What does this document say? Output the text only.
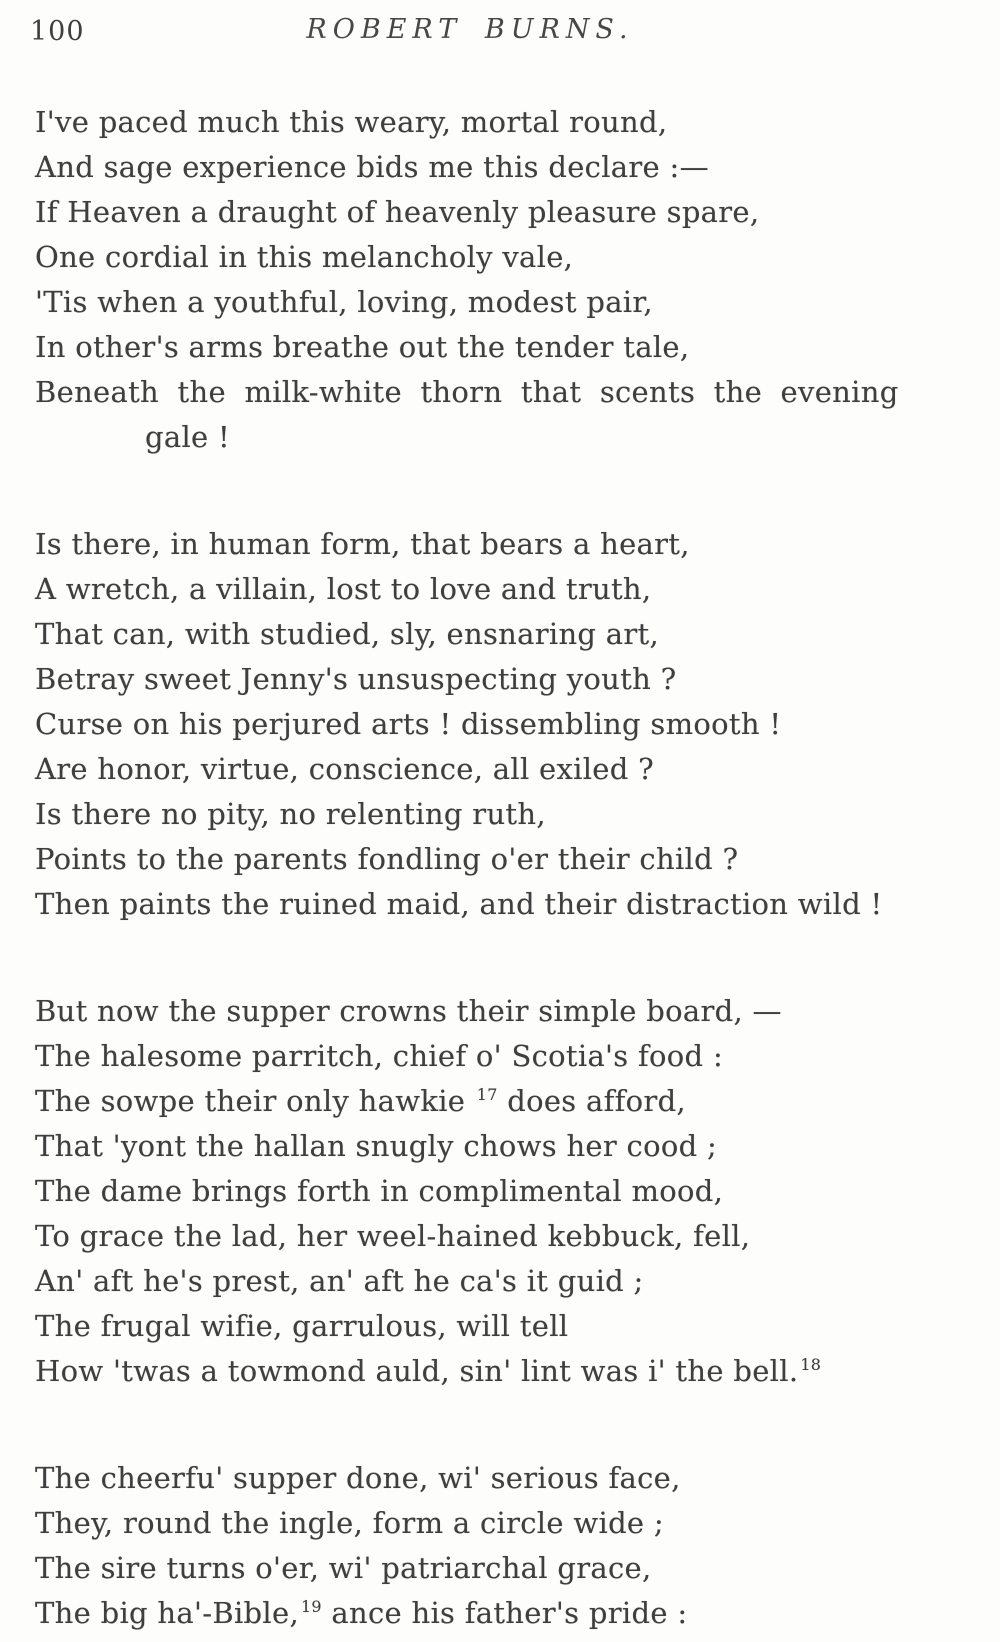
100	ROBERT BURNS.
I've paced much this weary, mortal round,
And sage experience bids me this declare :—
If Heaven a draught of heavenly pleasure spare,
One cordial in this melancholy vale,
'Tis when a youthful, loving, modest pair,
In other's arms breathe out the tender tale,
Beneath the milk-white thorn that scents the evening
gale !
Is there, in human form, that bears a heart,
A wretch, a villain, lost to love and truth,
That can, with studied, sly, ensnaring art,
Betray sweet Jenny's unsuspecting youth ?
Curse on his perjured arts ! dissembling smooth !
Are honor, virtue, conscience, all exiled ?
Is there no pity, no relenting ruth,
Points to the parents fondling o'er their child ?
Then paints the ruined maid, and their distraction wild !
But now the supper crowns their simple board, —
The halesome parritch, chief o' Scotia's food :
The sowpe their only hawkie $^{17}$ does afford,
That 'yont the hallan snugly chows her cood ;
The dame brings forth in complimental mood,
To grace the lad, her weel-hained kebbuck, fell,
An' aft he's prest, an' aft he ca's it guid ;
The frugal wifie, garrulous, will tell
How 'twas a towmond auld, sin' lint was i' the bell. $^{18}$
The cheerfu' supper done, wi' serious face,
They, round the ingle, form a circle wide ;
The sire turns o'er, wi' patriarchal grace,
The big ha'-Bible, $^{19}$ ance his father's pride :
